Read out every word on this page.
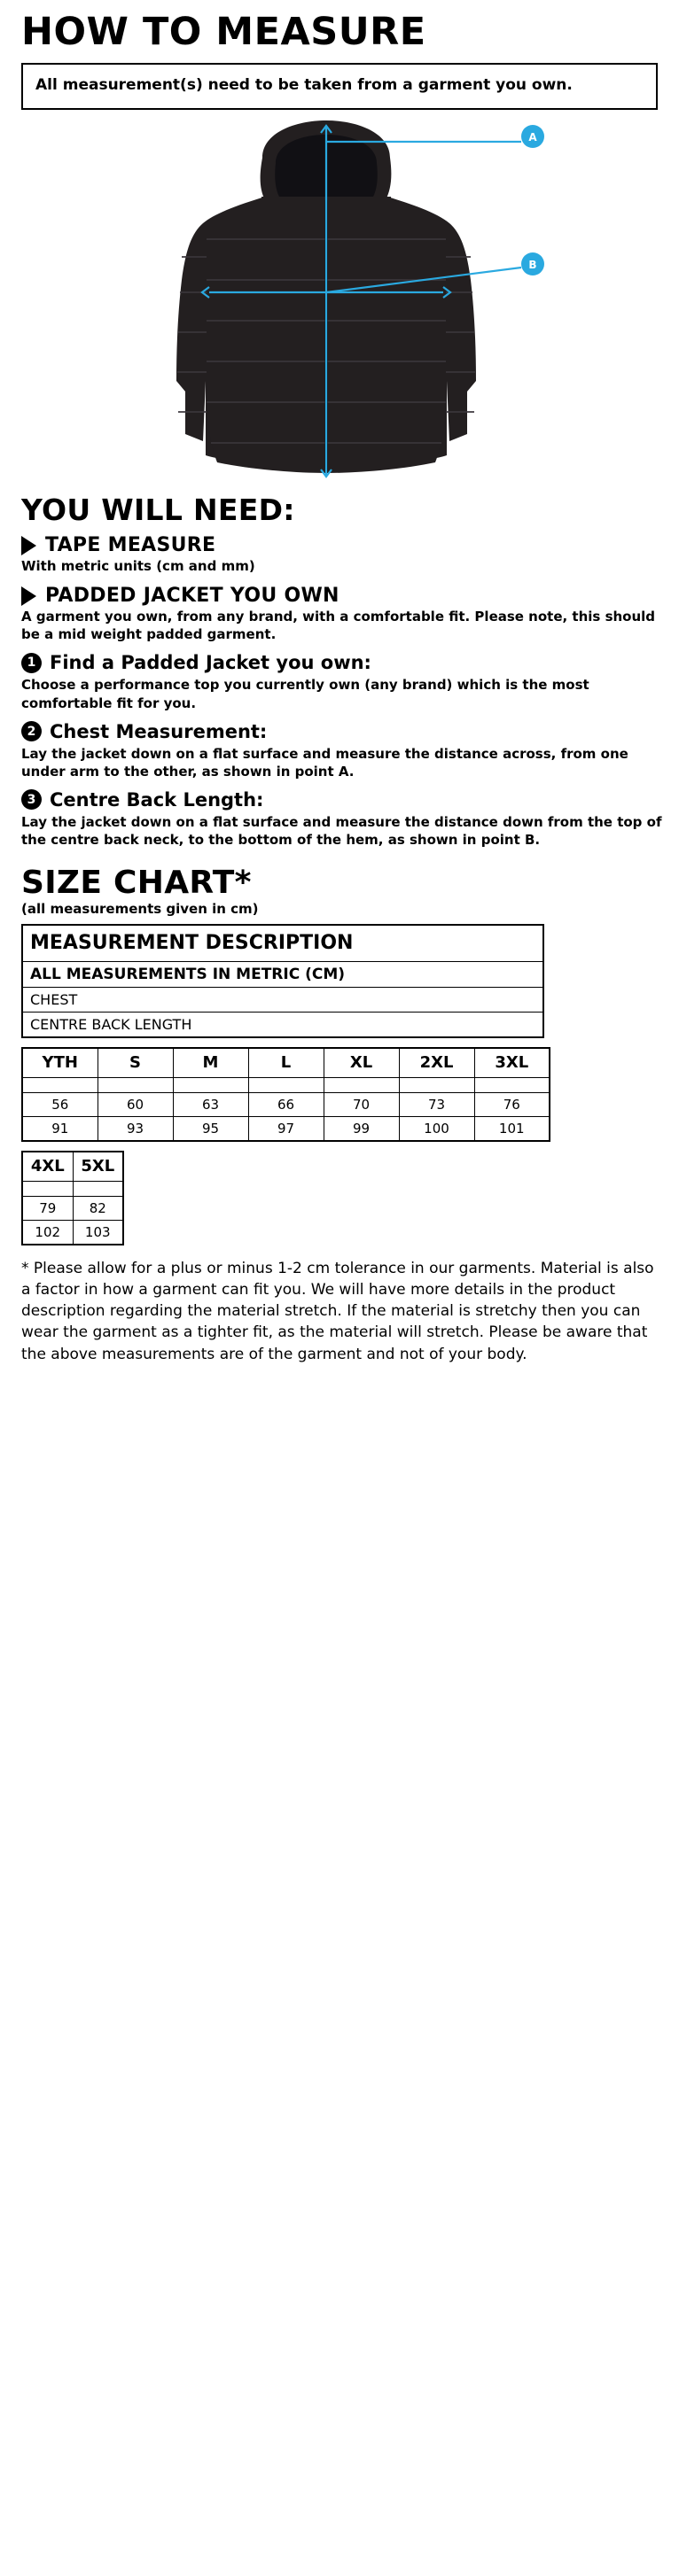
HOW TO MEASURE
All measurement(s) need to be taken from a garment you own.
A
B
YOU WILL NEED:
TAPE MEASURE
With metric units (cm and mm)
PADDED JACKET YOU OWN
A garment you own, from any brand, with a comfortable fit. Please note, this should be a mid weight padded garment.
1 Find a Padded Jacket you own:
Choose a performance top you currently own (any brand) which is the most comfortable fit for you.
2 Chest Measurement:
Lay the jacket down on a flat surface and measure the distance across, from one under arm to the other, as shown in point A.
3 Centre Back Length:
Lay the jacket down on a flat surface and measure the distance down from the top of the centre back neck, to the bottom of the hem, as shown in point B.
SIZE CHART*
(all measurements given in cm)
MEASUREMENT DESCRIPTION
ALL MEASUREMENTS IN METRIC (CM)
CHEST
CENTRE BACK LENGTH
YTH	S	M	L	XL	2XL	3XL

56	60	63	66	70	73	76
91	93	95	97	99	100	101
4XL	5XL

79	82
102	103
* Please allow for a plus or minus 1-2 cm tolerance in our garments. Material is also a factor in how a garment can fit you. We will have more details in the product description regarding the material stretch. If the material is stretchy then you can wear the garment as a tighter fit, as the material will stretch. Please be aware that the above measurements are of the garment and not of your body.
